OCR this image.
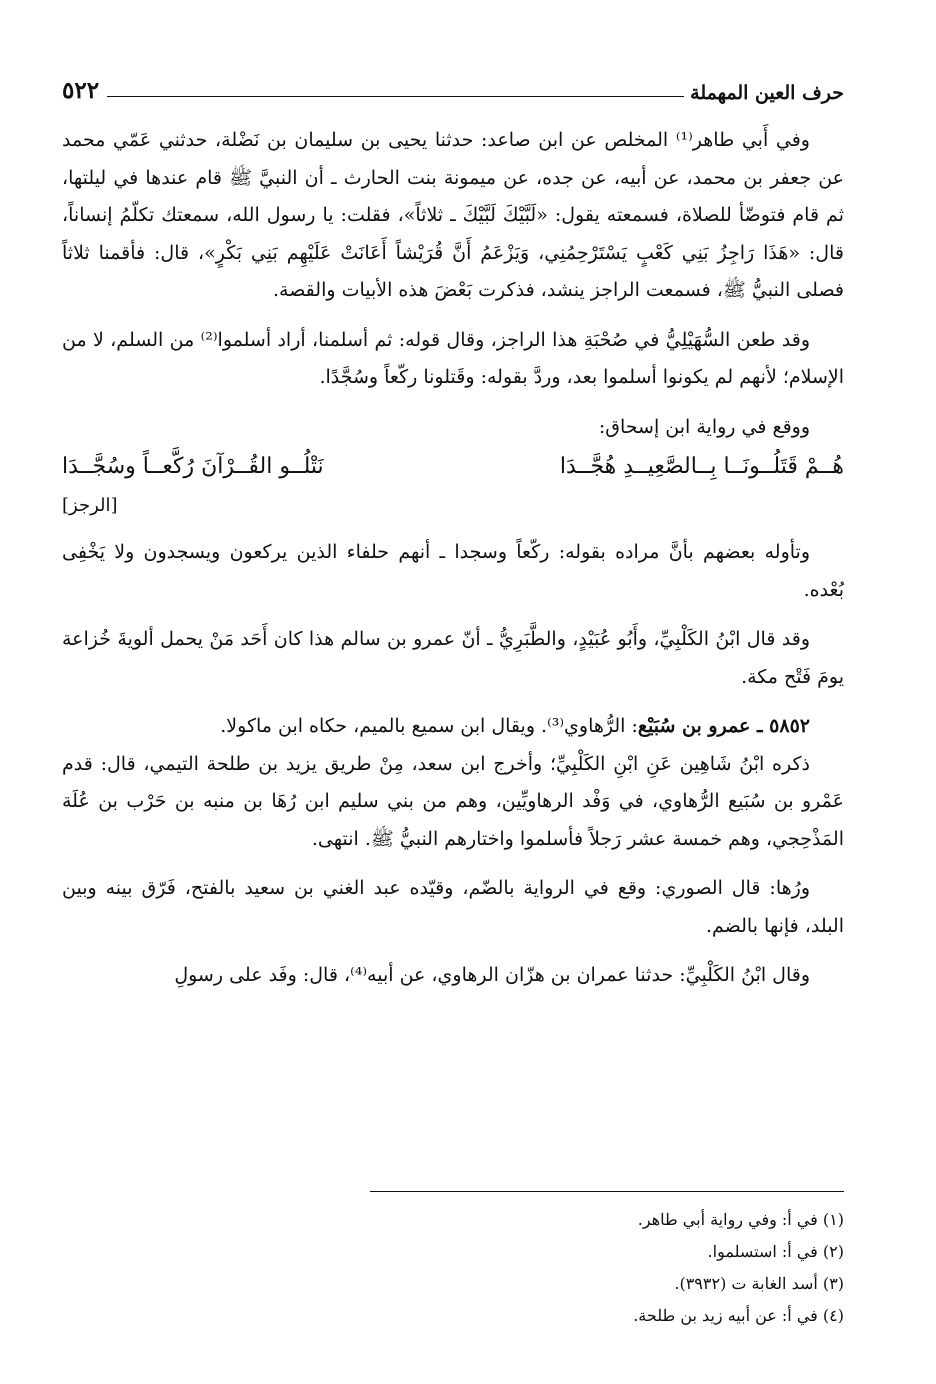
حرف العين المهملة
٥٢٢

وفي أَبي طاهر⁽¹⁾ المخلص عن ابن صاعد: حدثنا يحيى بن سليمان بن نَضْلة، حدثني عَمّي محمد عن جعفر بن محمد، عن أبيه، عن جده، عن ميمونة بنت الحارث ـ أن النبيَّ ﷺ قام عندها في ليلتها، ثم قام فتوضّأ للصلاة، فسمعته يقول: «لَبَّيْكَ لَبَّيْكَ ـ ثلاثاً»، فقلت: يا رسول الله، سمعتك تكلّمُ إنساناً، قال: «هَذَا رَاجِزُ بَنِي كَعْبٍ يَسْتَرْحِمُنِي، وَيَزْعَمُ أَنَّ قُرَيْشاً أَعَانَتْ عَلَيْهِم بَنِي بَكْرٍ»، قال: فأقمنا ثلاثاً فصلى النبيُّ ﷺ، فسمعت الراجز ينشد، فذكرت بَعْضَ هذه الأبيات والقصة.

وقد طعن السُّهَيْلِيُّ في صُحْبَةِ هذا الراجز، وقال قوله: ثم أسلمنا، أراد أسلموا⁽²⁾ من السلم، لا من الإسلام؛ لأنهم لم يكونوا أسلموا بعد، وردَّ بقوله: وقَتلونا ركّعاً وسُجَّدًا.

ووقع في رواية ابن إسحاق:

هُــمْ قَتَلُــونَــا بِــالصَّعِيــدِ هُجَّــدَا
نَتْلُــو القُــرْآنَ رُكَّعــاً وسُجَّــدَا
[الرجز]

وتأوله بعضهم بأنَّ مراده بقوله: ركّعاً وسجدا ـ أنهم حلفاء الذين يركعون ويسجدون ولا يَخْفِى بُعْده.

وقد قال ابْنُ الكَلْبِيِّ، وأَبُو عُبَيْدٍ، والطَّبَرِيُّ ـ أنّ عمرو بن سالم هذا كان أَحَد مَنْ يحمل ألويةَ خُزاعة يومَ فَتْح مكة.

٥٨٥٢ ـ عمرو بن سُبَيْع: الرُّهاوي⁽³⁾. ويقال ابن سميع بالميم، حكاه ابن ماكولا.

ذكره ابْنُ شَاهِين عَنِ ابْنِ الكَلْبِيِّ؛ وأخرج ابن سعد، مِنْ طريق يزيد بن طلحة التيمي، قال: قدم عَمْرو بن سُبَيع الرُّهاوي، في وَفْد الرهاويِّين، وهم من بني سليم ابن رُهَا بن منبه بن حَرْب بن عُلَة المَذْحِجي، وهم خمسة عشر رَجلاً فأسلموا واختارهم النبيُّ ﷺ. انتهى.

ورُها: قال الصوري: وقع في الرواية بالضّم، وقيّده عبد الغني بن سعيد بالفتح، فَرّق بينه وبين البلد، فإنها بالضم.

وقال ابْنُ الكَلْبِيِّ: حدثنا عمران بن هزّان الرهاوي، عن أبيه⁽⁴⁾، قال: وفَد على رسولِ

(١) في أ: وفي رواية أبي طاهر.
(٢) في أ: استسلموا.
(٣) أسد الغابة ت (٣٩٣٢).
(٤) في أ: عن أبيه زيد بن طلحة.
